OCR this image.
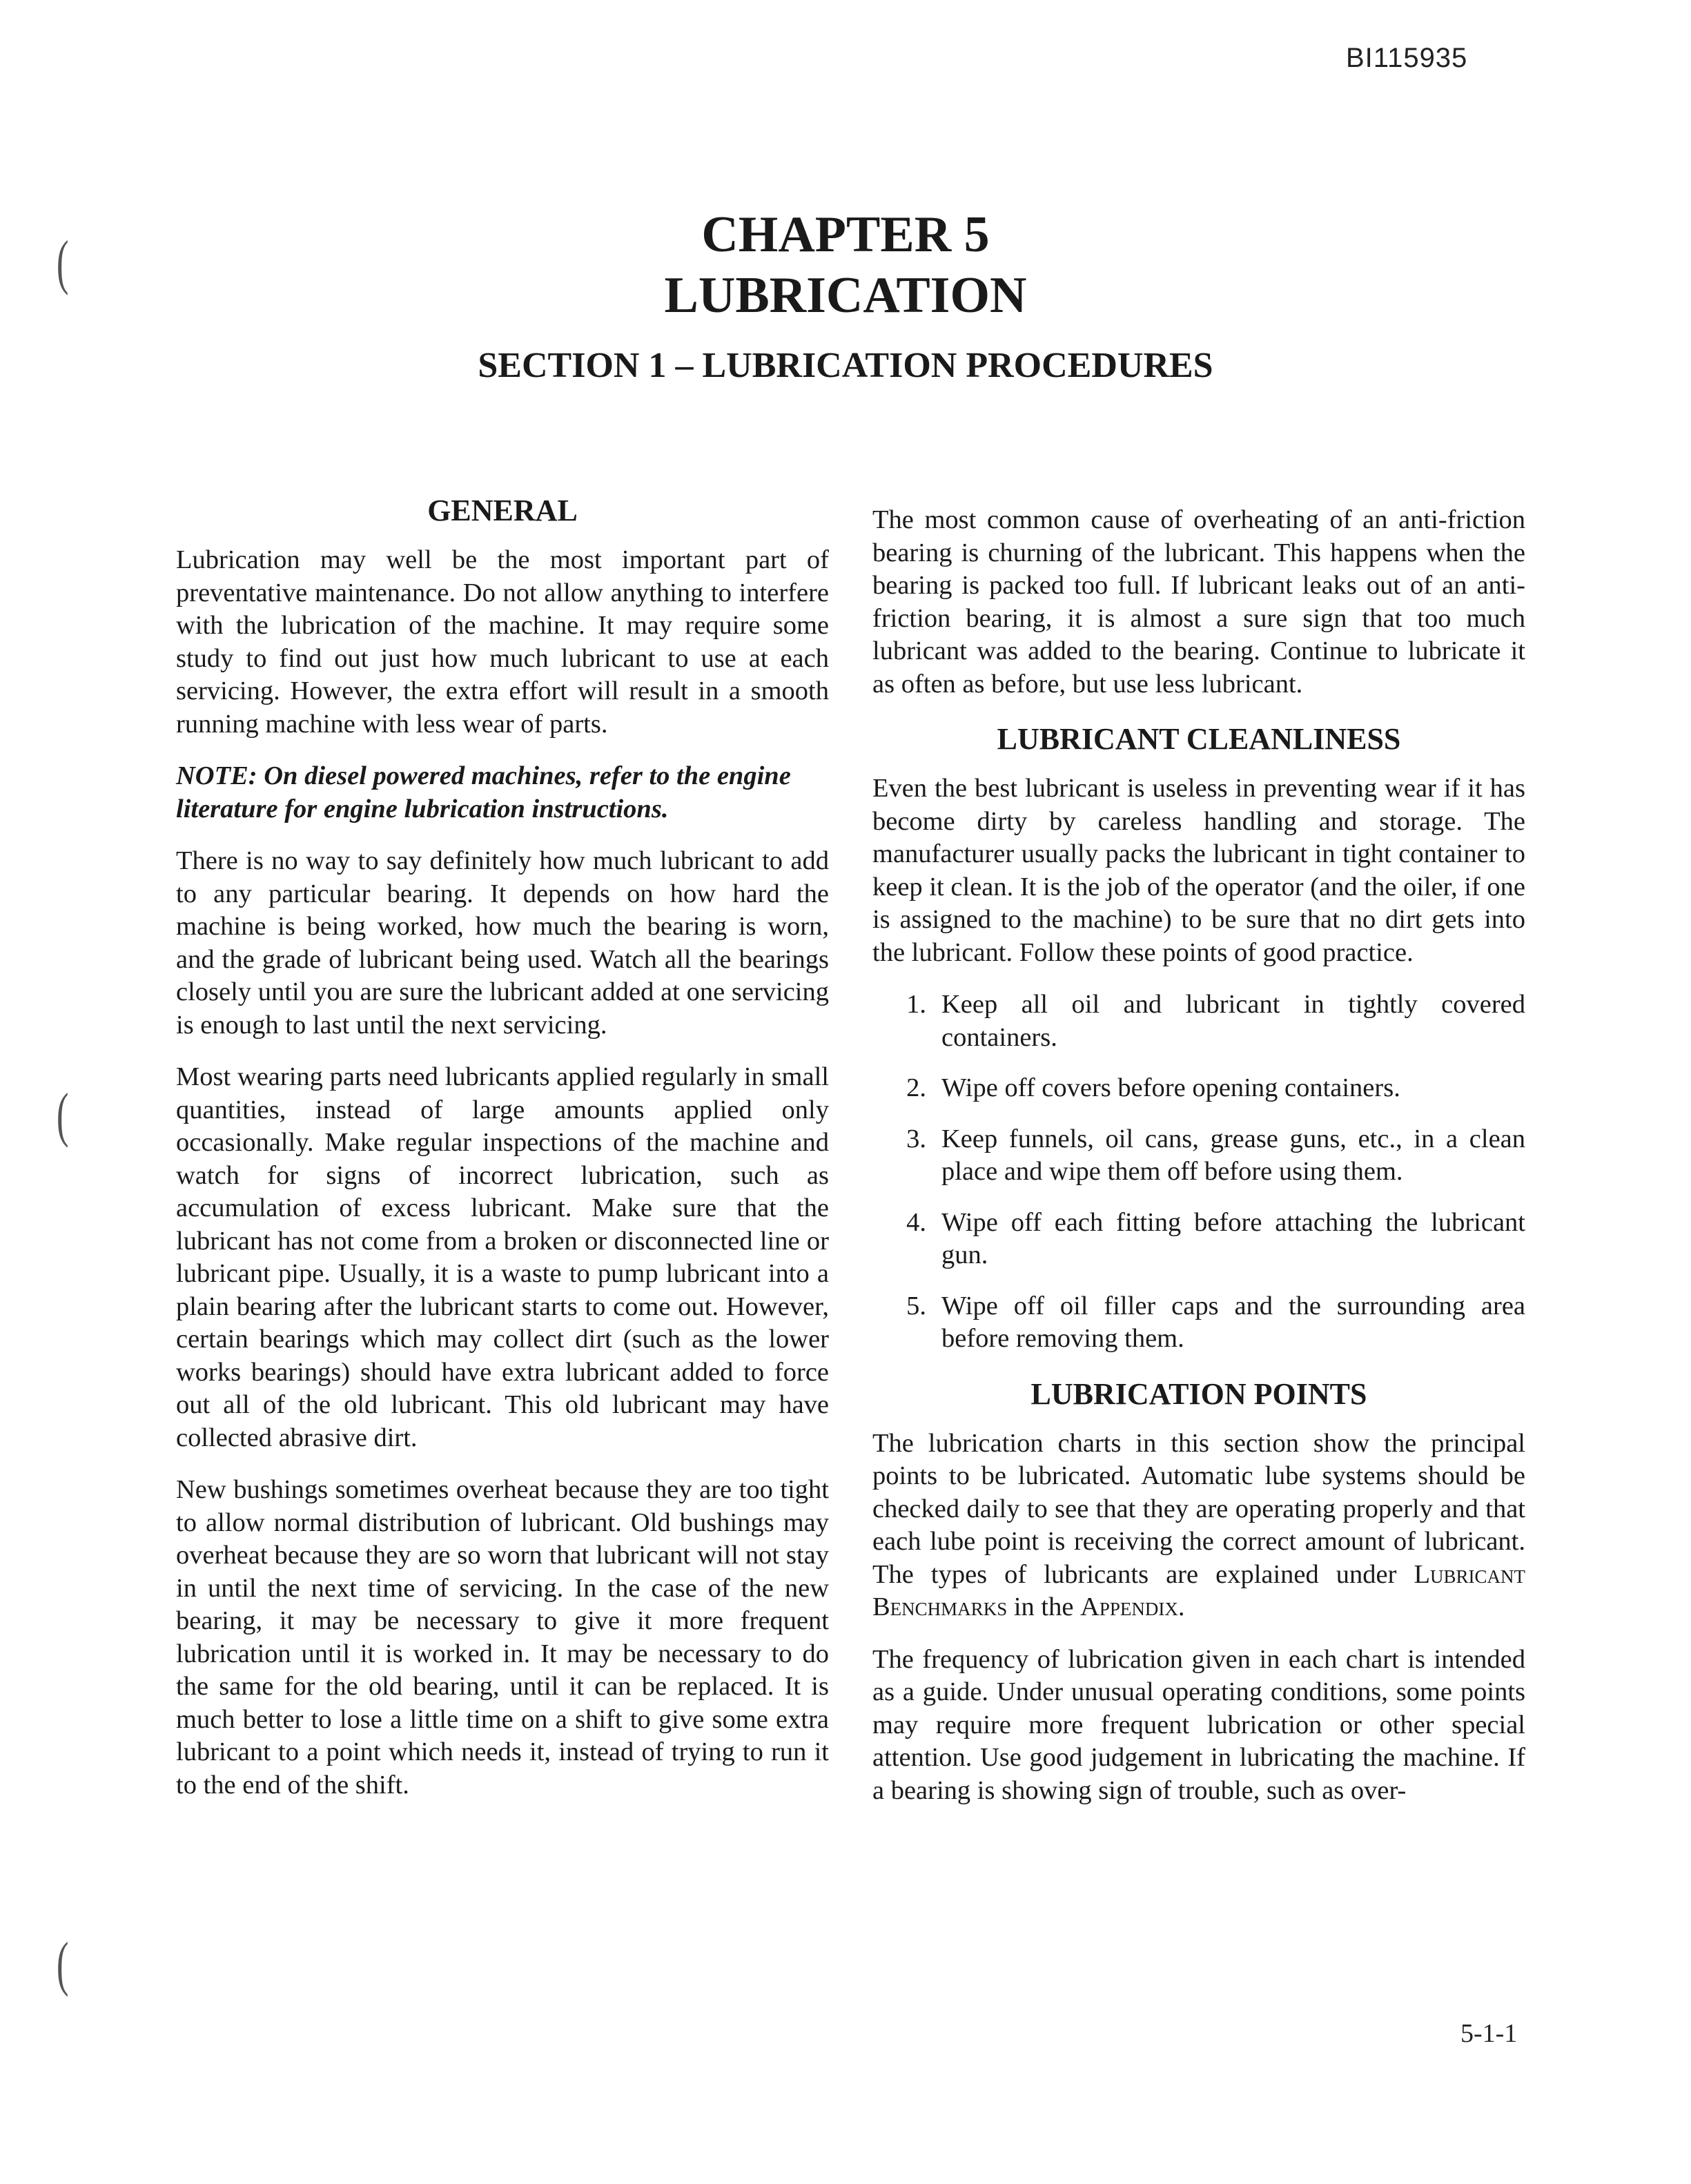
BI115935
(
(
(
CHAPTER 5
LUBRICATION
SECTION 1 – LUBRICATION PROCEDURES
GENERAL

Lubrication may well be the most important part of preventative maintenance. Do not allow anything to interfere with the lubrication of the machine. It may require some study to find out just how much lubricant to use at each servicing. However, the extra effort will result in a smooth running machine with less wear of parts.

NOTE: On diesel powered machines, refer to the engine literature for engine lubrication instructions.

There is no way to say definitely how much lubricant to add to any particular bearing. It depends on how hard the machine is being worked, how much the bearing is worn, and the grade of lubricant being used. Watch all the bearings closely until you are sure the lubricant added at one servicing is enough to last until the next servicing.

Most wearing parts need lubricants applied regularly in small quantities, instead of large amounts applied only occasionally. Make regular inspections of the machine and watch for signs of incorrect lubrication, such as accumulation of excess lubricant. Make sure that the lubricant has not come from a broken or disconnected line or lubricant pipe. Usually, it is a waste to pump lubricant into a plain bearing after the lubricant starts to come out. However, certain bearings which may collect dirt (such as the lower works bearings) should have extra lubricant added to force out all of the old lubricant. This old lubricant may have collected abrasive dirt.

New bushings sometimes overheat because they are too tight to allow normal distribution of lubricant. Old bushings may overheat because they are so worn that lubricant will not stay in until the next time of servicing. In the case of the new bearing, it may be necessary to give it more frequent lubrication until it is worked in. It may be necessary to do the same for the old bearing, until it can be replaced. It is much better to lose a little time on a shift to give some extra lubricant to a point which needs it, instead of trying to run it to the end of the shift.

The most common cause of overheating of an anti-friction bearing is churning of the lubricant. This happens when the bearing is packed too full. If lubricant leaks out of an anti-friction bearing, it is almost a sure sign that too much lubricant was added to the bearing. Continue to lubricate it as often as before, but use less lubricant.

LUBRICANT CLEANLINESS

Even the best lubricant is useless in preventing wear if it has become dirty by careless handling and storage. The manufacturer usually packs the lubricant in tight container to keep it clean. It is the job of the operator (and the oiler, if one is assigned to the machine) to be sure that no dirt gets into the lubricant. Follow these points of good practice.

1. Keep all oil and lubricant in tightly covered containers.
2. Wipe off covers before opening containers.
3. Keep funnels, oil cans, grease guns, etc., in a clean place and wipe them off before using them.
4. Wipe off each fitting before attaching the lubricant gun.
5. Wipe off oil filler caps and the surrounding area before removing them.
LUBRICATION POINTS

The lubrication charts in this section show the principal points to be lubricated. Automatic lube systems should be checked daily to see that they are operating properly and that each lube point is receiving the correct amount of lubricant. The types of lubricants are explained under Lubricant Benchmarks in the Appendix.

The frequency of lubrication given in each chart is intended as a guide. Under unusual operating conditions, some points may require more frequent lubrication or other special attention. Use good judgement in lubricating the machine. If a bearing is showing sign of trouble, such as over-

5-1-1
